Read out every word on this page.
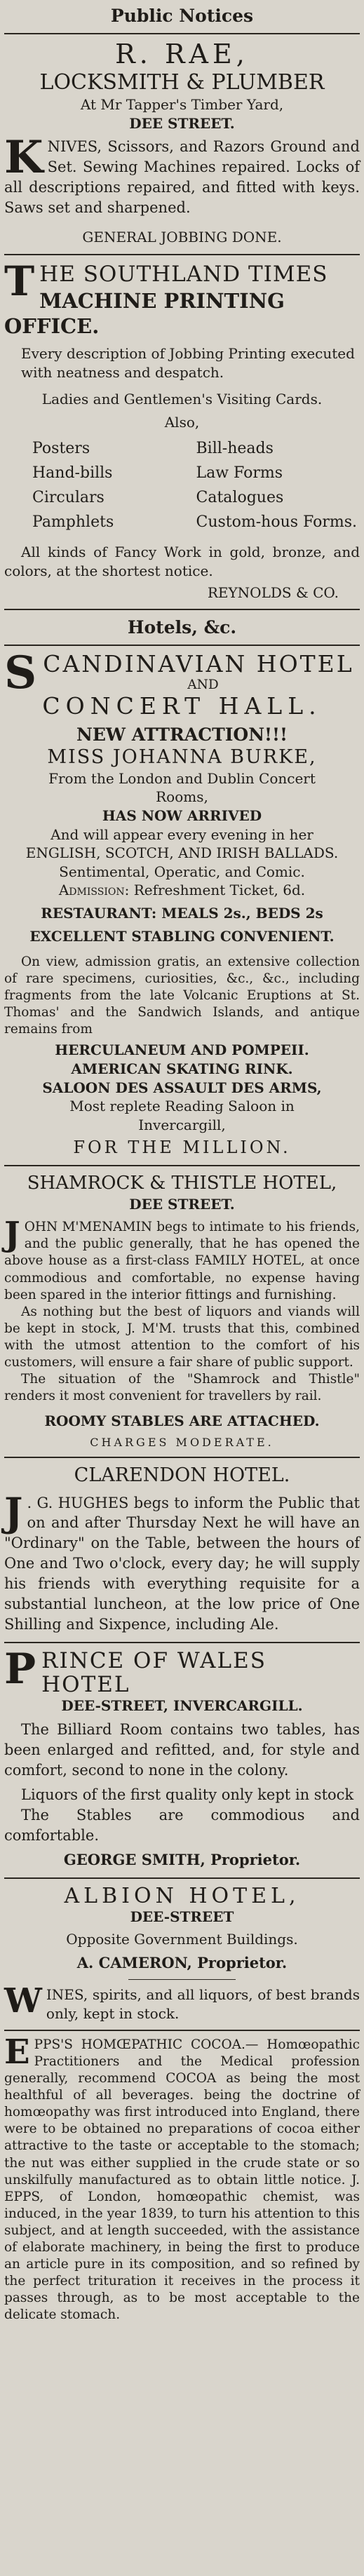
Public Notices
R. RAE,
LOCKSMITH & PLUMBER
At Mr Tapper's Timber Yard,
DEE STREET.
KNIVES, Scissors, and Razors Ground and Set. Sewing Machines repaired. Locks of all descriptions repaired, and fitted with keys. Saws set and sharpened.
GENERAL JOBBING DONE.
THE SOUTHLAND TIMES
MACHINE PRINTING OFFICE.
Every description of Jobbing Printing executed
with neatness and despatch.
Ladies and Gentlemen's Visiting Cards.
Also,
Posters
Hand-bills
Circulars
Pamphlets
Bill-heads
Law Forms
Catalogues
Custom-hous Forms.
All kinds of Fancy Work in gold, bronze, and colors, at the shortest notice.
REYNOLDS & CO.
Hotels, &c.
SCANDINAVIAN HOTEL
AND
CONCERT HALL.
NEW ATTRACTION!!!
MISS JOHANNA BURKE,
From the London and Dublin Concert Rooms,
HAS NOW ARRIVED
And will appear every evening in her
ENGLISH, SCOTCH, AND IRISH BALLADS.
Sentimental, Operatic, and Comic.
Admission: Refreshment Ticket, 6d.
RESTAURANT: MEALS 2s., BEDS 2s
EXCELLENT STABLING CONVENIENT.
On view, admission gratis, an extensive collection of rare specimens, curiosities, &c., &c., including fragments from the late Volcanic Eruptions at St. Thomas' and the Sandwich Islands, and antique remains from
HERCULANEUM AND POMPEII.
AMERICAN SKATING RINK.
SALOON DES ASSAULT DES ARMS,
Most replete Reading Saloon in Invercargill,
FOR THE MILLION.
SHAMROCK & THISTLE HOTEL,
DEE STREET.
JOHN M'MENAMIN begs to intimate to his friends, and the public generally, that he has opened the above house as a first-class FAMILY HOTEL, at once commodious and comfortable, no expense having been spared in the interior fittings and furnishing.
As nothing but the best of liquors and viands will be kept in stock, J. M'M. trusts that this, combined with the utmost attention to the comfort of his customers, will ensure a fair share of public support.
The situation of the "Shamrock and Thistle" renders it most convenient for travellers by rail.
ROOMY STABLES ARE ATTACHED.
CHARGES MODERATE.
CLARENDON HOTEL.
J . G. HUGHES begs to inform the Public that on and after Thursday Next he will have an "Ordinary" on the Table, between the hours of One and Two o'clock, every day; he will supply his friends with everything requisite for a substantial luncheon, at the low price of One Shilling and Sixpence, including Ale.
PRINCE OF WALES HOTEL
DEE-STREET, INVERCARGILL.
The Billiard Room contains two tables, has been enlarged and refitted, and, for style and comfort, second to none in the colony.
Liquors of the first quality only kept in stock
The Stables are commodious and comfortable.
GEORGE SMITH, Proprietor.
ALBION HOTEL,
DEE-STREET
Opposite Government Buildings.
A. CAMERON, Proprietor.
WINES, spirits, and all liquors, of best brands only, kept in stock.
EPPS'S HOMŒPATHIC COCOA.— Homœopathic Practitioners and the Medical profession generally, recommend COCOA as being the most healthful of all beverages. being the doctrine of homœopathy was first introduced into England, there were to be obtained no preparations of cocoa either attractive to the taste or acceptable to the stomach; the nut was either supplied in the crude state or so unskilfully manufactured as to obtain little notice. J. EPPS, of London, homœopathic chemist, was induced, in the year 1839, to turn his attention to this subject, and at length succeeded, with the assistance of elaborate machinery, in being the first to produce an article pure in its composition, and so refined by the perfect trituration it receives in the process it passes through, as to be most acceptable to the delicate stomach.
